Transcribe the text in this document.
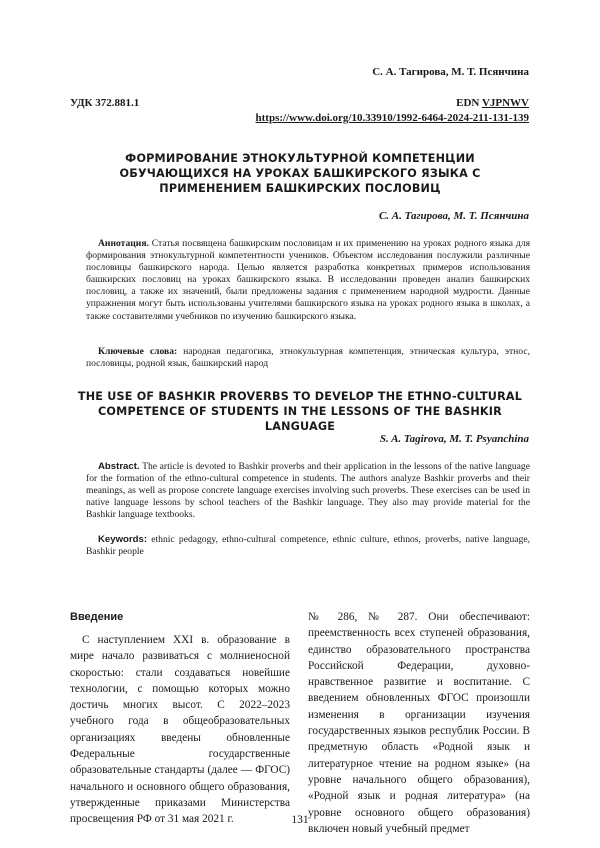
С. А. Тагирова, М. Т. Псянчина
УДК 372.881.1	EDN VJPNWV
https://www.doi.org/10.33910/1992-6464-2024-211-131-139
ФОРМИРОВАНИЕ ЭТНОКУЛЬТУРНОЙ КОМПЕТЕНЦИИ ОБУЧАЮЩИХСЯ НА УРОКАХ БАШКИРСКОГО ЯЗЫКА С ПРИМЕНЕНИЕМ БАШКИРСКИХ ПОСЛОВИЦ
С. А. Тагирова, М. Т. Псянчина
Аннотация. Статья посвящена башкирским пословицам и их применению на уроках родного языка для формирования этнокультурной компетентности учеников. Объектом исследования послужили различные пословицы башкирского народа. Целью является разработка конкретных примеров использования башкирских пословиц на уроках башкирского языка. В исследовании проведен анализ башкирских пословиц, а также их значений, были предложены задания с применением народной мудрости. Данные упражнения могут быть использованы учителями башкирского языка на уроках родного языка в школах, а также составителями учебников по изучению башкирского языка.
Ключевые слова: народная педагогика, этнокультурная компетенция, этническая культура, этнос, пословицы, родной язык, башкирский народ
THE USE OF BASHKIR PROVERBS TO DEVELOP THE ETHNO-CULTURAL COMPETENCE OF STUDENTS IN THE LESSONS OF THE BASHKIR LANGUAGE
S. A. Tagirova, M. T. Psyanchina
Abstract. The article is devoted to Bashkir proverbs and their application in the lessons of the native language for the formation of the ethno-cultural competence in students. The authors analyze Bashkir proverbs and their meanings, as well as propose concrete language exercises involving such proverbs. These exercises can be used in native language lessons by school teachers of the Bashkir language. They also may provide material for the Bashkir language textbooks.
Keywords: ethnic pedagogy, ethno-cultural competence, ethnic culture, ethnos, proverbs, native language, Bashkir people
Введение

С наступлением XXI в. образование в мире начало развиваться с молниеносной скоростью: стали создаваться новейшие технологии, с помощью которых можно достичь многих высот. С 2022–2023 учебного года в общеобразовательных организациях введены обновленные Федеральные государственные образовательные стандарты (далее — ФГОС) начального и основного общего образования, утвержденные приказами Министерства просвещения РФ от 31 мая 2021 г.

№ 286, № 287. Они обеспечивают: преемственность всех ступеней образования, единство образовательного пространства Российской Федерации, духовно-нравственное развитие и воспитание. С введением обновленных ФГОС произошли изменения в организации изучения государственных языков республик России. В предметную область «Родной язык и литературное чтение на родном языке» (на уровне начального общего образования), «Родной язык и родная литература» (на уровне основного общего образования) включен новый учебный предмет

131
